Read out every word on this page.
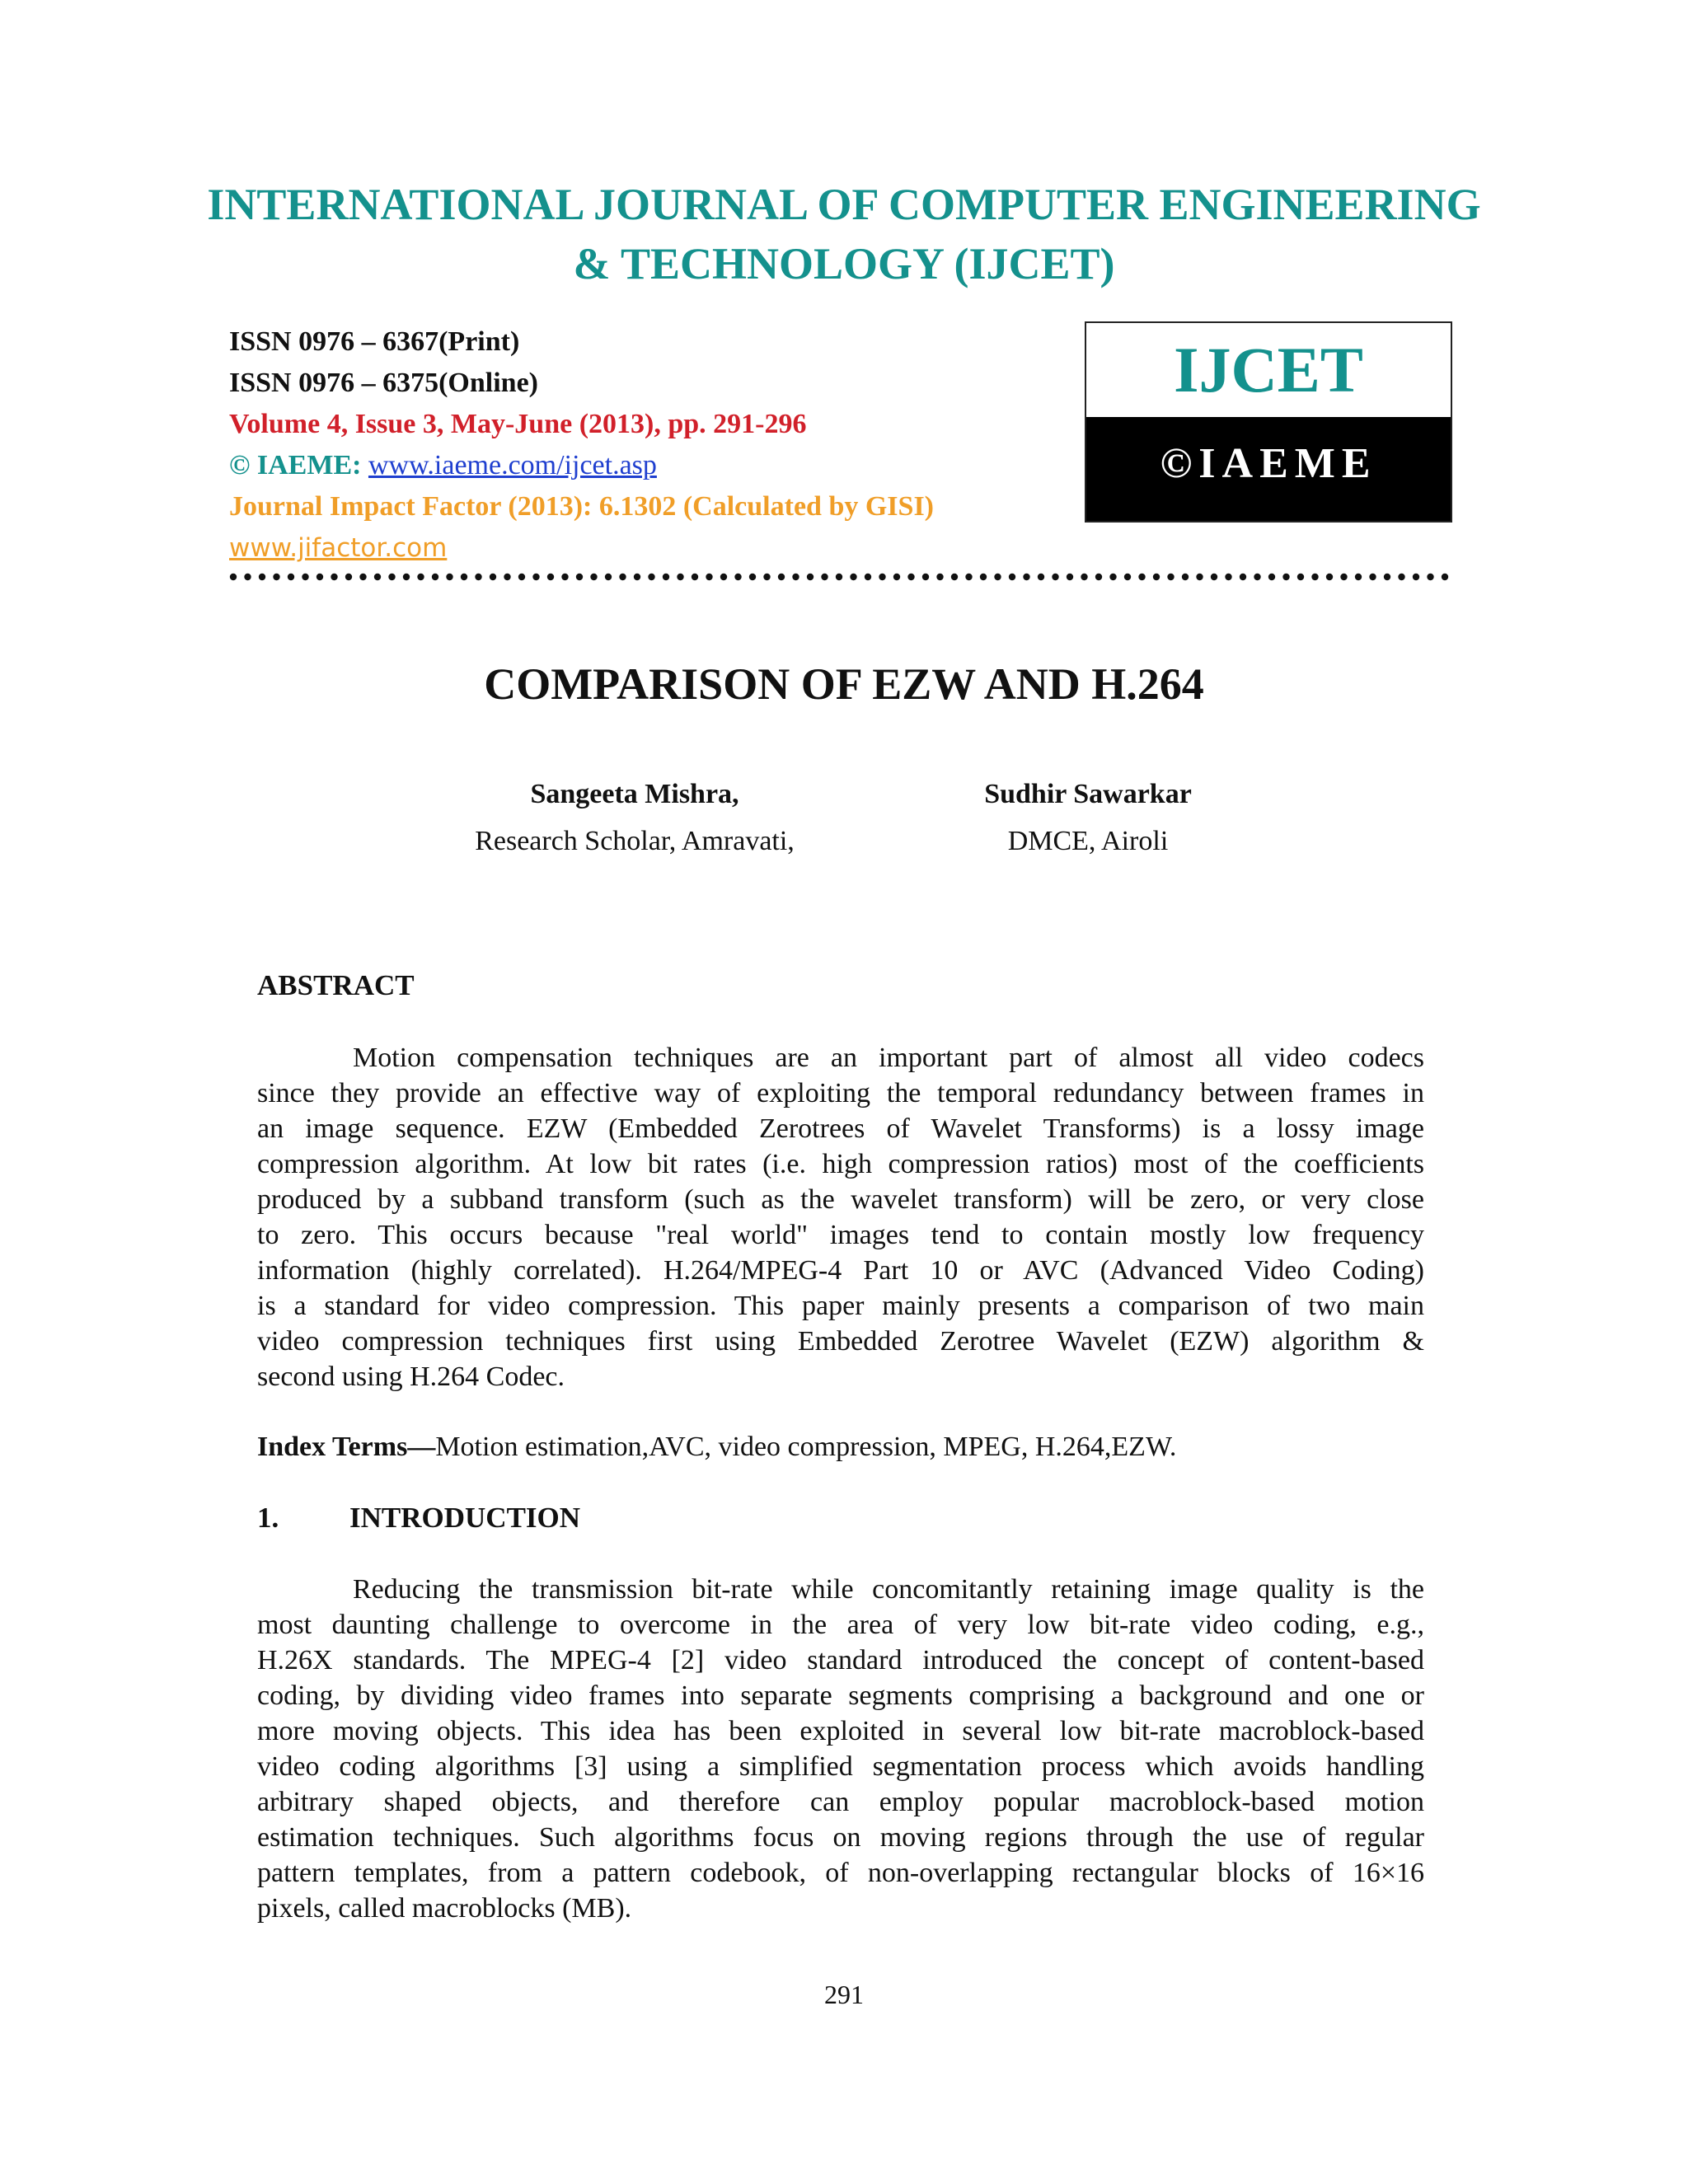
INTERNATIONAL JOURNAL OF COMPUTER ENGINEERING
& TECHNOLOGY (IJCET)
ISSN 0976 – 6367(Print)
ISSN 0976 – 6375(Online)
Volume 4, Issue 3, May-June (2013), pp. 291-296
© IAEME: www.iaeme.com/ijcet.asp
Journal Impact Factor (2013): 6.1302 (Calculated by GISI)
www.jifactor.com
IJCET
©IAEME
COMPARISON OF EZW AND H.264
Sangeeta Mishra,
Research Scholar, Amravati,
Sudhir Sawarkar
DMCE, Airoli
ABSTRACT
Motion compensation techniques are an important part of almost all video codecs
since they provide an effective way of exploiting the temporal redundancy between frames in
an image sequence. EZW (Embedded Zerotrees of Wavelet Transforms) is a lossy image
compression algorithm. At low bit rates (i.e. high compression ratios) most of the coefficients
produced by a subband transform (such as the wavelet transform) will be zero, or very close
to zero. This occurs because "real world" images tend to contain mostly low frequency
information (highly correlated). H.264/MPEG-4 Part 10 or AVC (Advanced Video Coding)
is a standard for video compression. This paper mainly presents a comparison of two main
video compression techniques first using Embedded Zerotree Wavelet (EZW) algorithm &
second using H.264 Codec.
Index Terms—Motion estimation,AVC, video compression, MPEG, H.264,EZW.
1. INTRODUCTION
Reducing the transmission bit-rate while concomitantly retaining image quality is the
most daunting challenge to overcome in the area of very low bit-rate video coding, e.g.,
H.26X standards. The MPEG-4 [2] video standard introduced the concept of content-based
coding, by dividing video frames into separate segments comprising a background and one or
more moving objects. This idea has been exploited in several low bit-rate macroblock-based
video coding algorithms [3] using a simplified segmentation process which avoids handling
arbitrary shaped objects, and therefore can employ popular macroblock-based motion
estimation techniques. Such algorithms focus on moving regions through the use of regular
pattern templates, from a pattern codebook, of non-overlapping rectangular blocks of 16×16
pixels, called macroblocks (MB).
291
